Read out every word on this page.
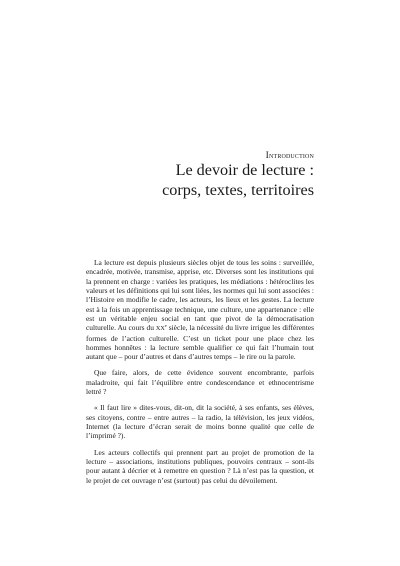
Introduction
Le devoir de lecture :
corps, textes, territoires

La lecture est depuis plusieurs siècles objet de tous les soins : surveillée, encadrée, motivée, transmise, apprise, etc. Diverses sont les institutions qui la prennent en charge : variées les pratiques, les médiations : hétéroclites les valeurs et les définitions qui lui sont liées, les normes qui lui sont associées : l’Histoire en modifie le cadre, les acteurs, les lieux et les gestes. La lecture est à la fois un apprentissage technique, une culture, une appartenance : elle est un véritable enjeu social en tant que pivot de la démocratisation culturelle. Au cours du XXe siècle, la nécessité du livre irrigue les différentes formes de l’action culturelle. C’est un ticket pour une place chez les hommes honnêtes : la lecture semble qualifier ce qui fait l’humain tout autant que – pour d’autres et dans d’autres temps – le rire ou la parole.

Que faire, alors, de cette évidence souvent encombrante, parfois maladroite, qui fait l’équilibre entre condescendance et ethnocentrisme lettré ?

« Il faut lire » dites-vous, dit-on, dit la société, à ses enfants, ses élèves, ses citoyens, contre – entre autres – la radio, la télévision, les jeux vidéos, Internet (la lecture d’écran serait de moins bonne qualité que celle de l’imprimé ?).

Les acteurs collectifs qui prennent part au projet de promotion de la lecture – associations, institutions publiques, pouvoirs centraux – sont-ils pour autant à décrier et à remettre en question ? Là n’est pas la question, et le projet de cet ouvrage n’est (surtout) pas celui du dévoilement.
